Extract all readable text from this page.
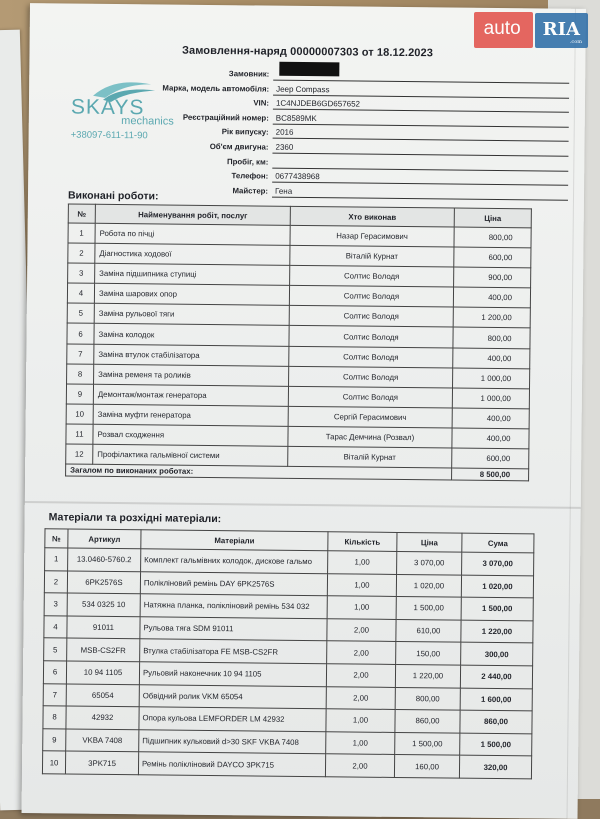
Замовлення-наряд 00000007303 от 18.12.2023
SKAYS
mechanics
+38097-611-11-90
Замовник:
Марка, модель автомобіля: Jeep Compass
VIN: 1C4NJDEB6GD657652
Реєстраційний номер: BC8589MK
Рік випуску: 2016
Об'єм двигуна: 2360
Пробіг, км:
Телефон: 0677438968
Майстер: Гена
Виконані роботи:
№	Найменування робіт, послуг	Хто виконав	Ціна
1	Робота по пічці	Назар Герасимович	800,00
2	Діагностика ходової	Віталій Курнат	600,00
3	Заміна підшипника ступиці	Солтис Володя	900,00
4	Заміна шарових опор	Солтис Володя	400,00
5	Заміна рульової тяги	Солтис Володя	1 200,00
6	Заміна колодок	Солтис Володя	800,00
7	Заміна втулок стабілізатора	Солтис Володя	400,00
8	Заміна ременя та роликів	Солтис Володя	1 000,00
9	Демонтаж/монтаж генератора	Солтис Володя	1 000,00
10	Заміна муфти генератора	Сергій Герасимович	400,00
11	Розвал сходження	Тарас Демчина (Розвал)	400,00
12	Профілактика гальмівної системи	Віталій Курнат	600,00
Загалом по виконаних роботах:			8 500,00
Матеріали та розхідні матеріали:
№	Артикул	Матеріали	Кількість	Ціна	Сума
1	13.0460-5760.2	Комплект гальмівних колодок, дискове гальмо	1,00	3 070,00	3 070,00
2	6PK2576S	Полікліновий ремінь DAY 6PK2576S	1,00	1 020,00	1 020,00
3	534 0325 10	Натяжна планка, полікліновий ремінь 534 032	1,00	1 500,00	1 500,00
4	91011	Рульова тяга SDM 91011	2,00	610,00	1 220,00
5	MSB-CS2FR	Втулка стабілізатора FE MSB-CS2FR	2,00	150,00	300,00
6	10 94 1105	Рульовий наконечник 10 94 1105	2,00	1 220,00	2 440,00
7	65054	Обвідний ролик VKM 65054	2,00	800,00	1 600,00
8	42932	Опора кульова LEMFORDER LM 42932	1,00	860,00	860,00
9	VKBA 7408	Підшипник кульковий d>30 SKF VKBA 7408	1,00	1 500,00	1 500,00
10	3PK715	Ремінь полікліновий DAYCO 3PK715	2,00	160,00	320,00
auto	RIA
.com
